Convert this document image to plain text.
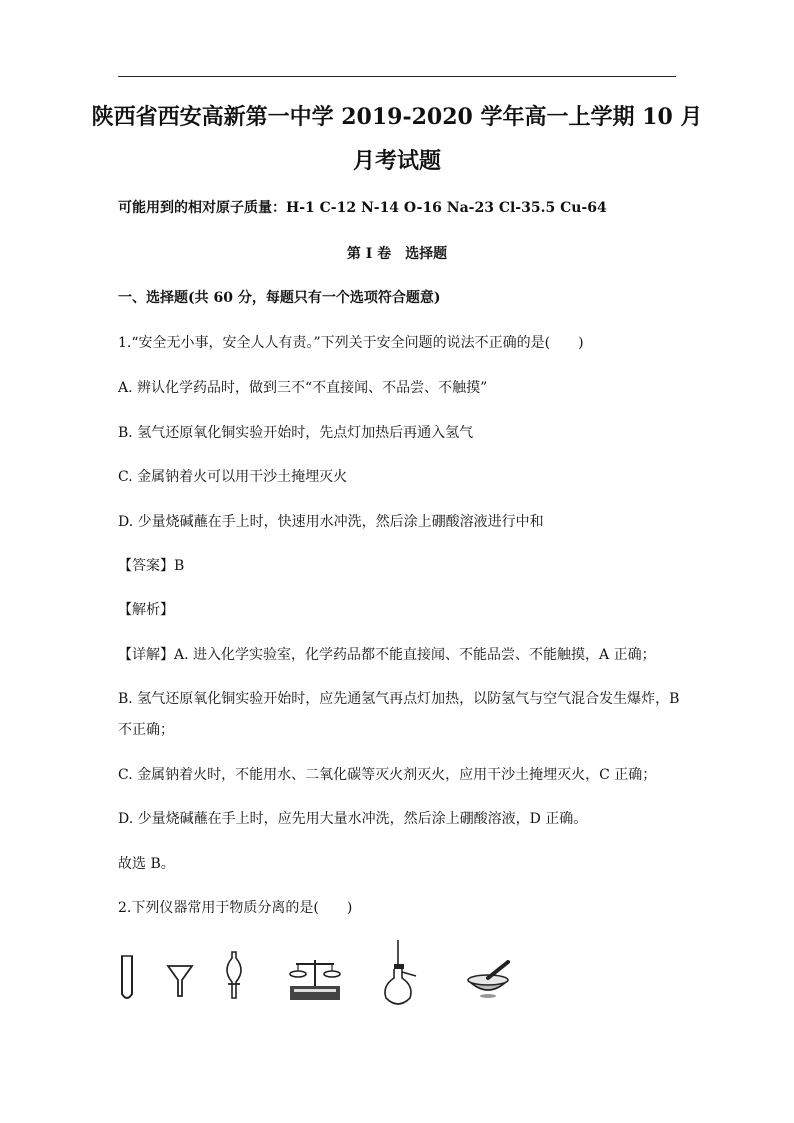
陕西省西安高新第一中学 2019-2020 学年高一上学期 10 月
月考试题
可能用到的相对原子质量：H-1 C-12 N-14 O-16 Na-23 Cl-35.5 Cu-64
第 I 卷　选择题
一、选择题(共 60 分，每题只有一个选项符合题意)
1.“安全无小事，安全人人有责。”下列关于安全问题的说法不正确的是(　　)
A. 辨认化学药品时，做到三不“不直接闻、不品尝、不触摸”
B. 氢气还原氧化铜实验开始时，先点灯加热后再通入氢气
C. 金属钠着火可以用干沙土掩埋灭火
D. 少量烧碱蘸在手上时，快速用水冲洗，然后涂上硼酸溶液进行中和
【答案】B
【解析】
【详解】A. 进入化学实验室，化学药品都不能直接闻、不能品尝、不能触摸，A 正确；
B. 氢气还原氧化铜实验开始时，应先通氢气再点灯加热，以防氢气与空气混合发生爆炸，B
不正确；
C. 金属钠着火时，不能用水、二氧化碳等灭火剂灭火，应用干沙土掩埋灭火，C 正确；
D. 少量烧碱蘸在手上时，应先用大量水冲洗，然后涂上硼酸溶液，D 正确。
故选 B。
2.下列仪器常用于物质分离的是(　　)
